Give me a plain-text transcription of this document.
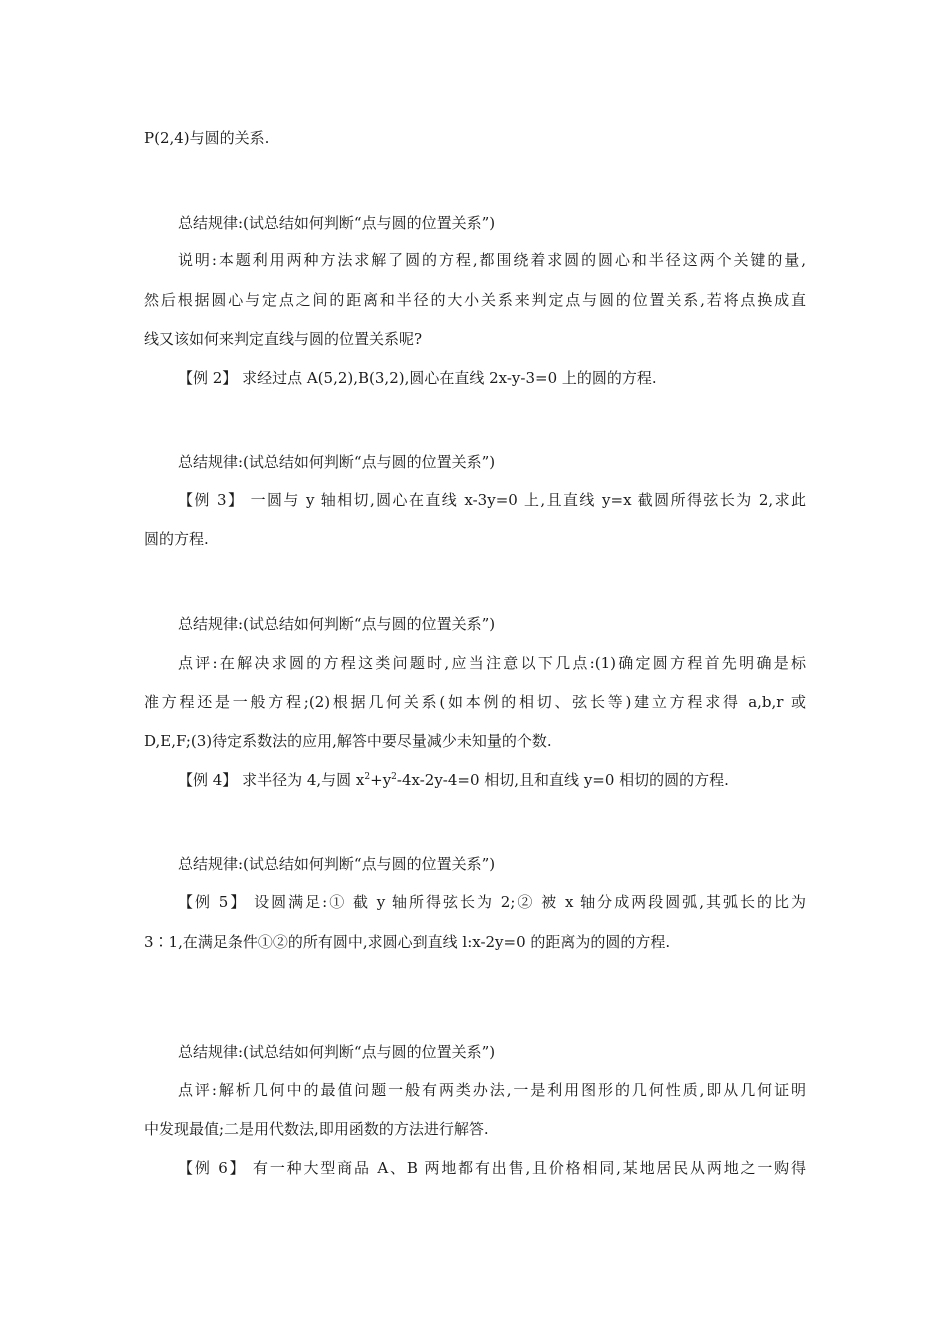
P(2,4)与圆的关系.
总结规律:(试总结如何判断“点与圆的位置关系”)
说明:本题利用两种方法求解了圆的方程,都围绕着求圆的圆心和半径这两个关键的量,
然后根据圆心与定点之间的距离和半径的大小关系来判定点与圆的位置关系,若将点换成直
线又该如何来判定直线与圆的位置关系呢?
【例 2】 求经过点 A(5,2),B(3,2),圆心在直线 2x-y-3=0 上的圆的方程.
总结规律:(试总结如何判断“点与圆的位置关系”)
【例 3】 一圆与 y 轴相切,圆心在直线 x-3y=0 上,且直线 y=x 截圆所得弦长为 2,求此
圆的方程.
总结规律:(试总结如何判断“点与圆的位置关系”)
点评:在解决求圆的方程这类问题时,应当注意以下几点:(1)确定圆方程首先明确是标
准方程还是一般方程;(2)根据几何关系(如本例的相切、弦长等)建立方程求得 a,b,r 或
D,E,F;(3)待定系数法的应用,解答中要尽量减少未知量的个数.
【例 4】 求半径为 4,与圆 $x^2+y^2-4x-2y-4=0$ 相切,且和直线 y=0 相切的圆的方程.
总结规律:(试总结如何判断“点与圆的位置关系”)
【例 5】 设圆满足:① 截 y 轴所得弦长为 2;② 被 x 轴分成两段圆弧,其弧长的比为
3∶1,在满足条件①②的所有圆中,求圆心到直线 l:x-2y=0 的距离为的圆的方程.
总结规律:(试总结如何判断“点与圆的位置关系”)
点评:解析几何中的最值问题一般有两类办法,一是利用图形的几何性质,即从几何证明
中发现最值;二是用代数法,即用函数的方法进行解答.
【例 6】 有一种大型商品 A、B 两地都有出售,且价格相同,某地居民从两地之一购得
